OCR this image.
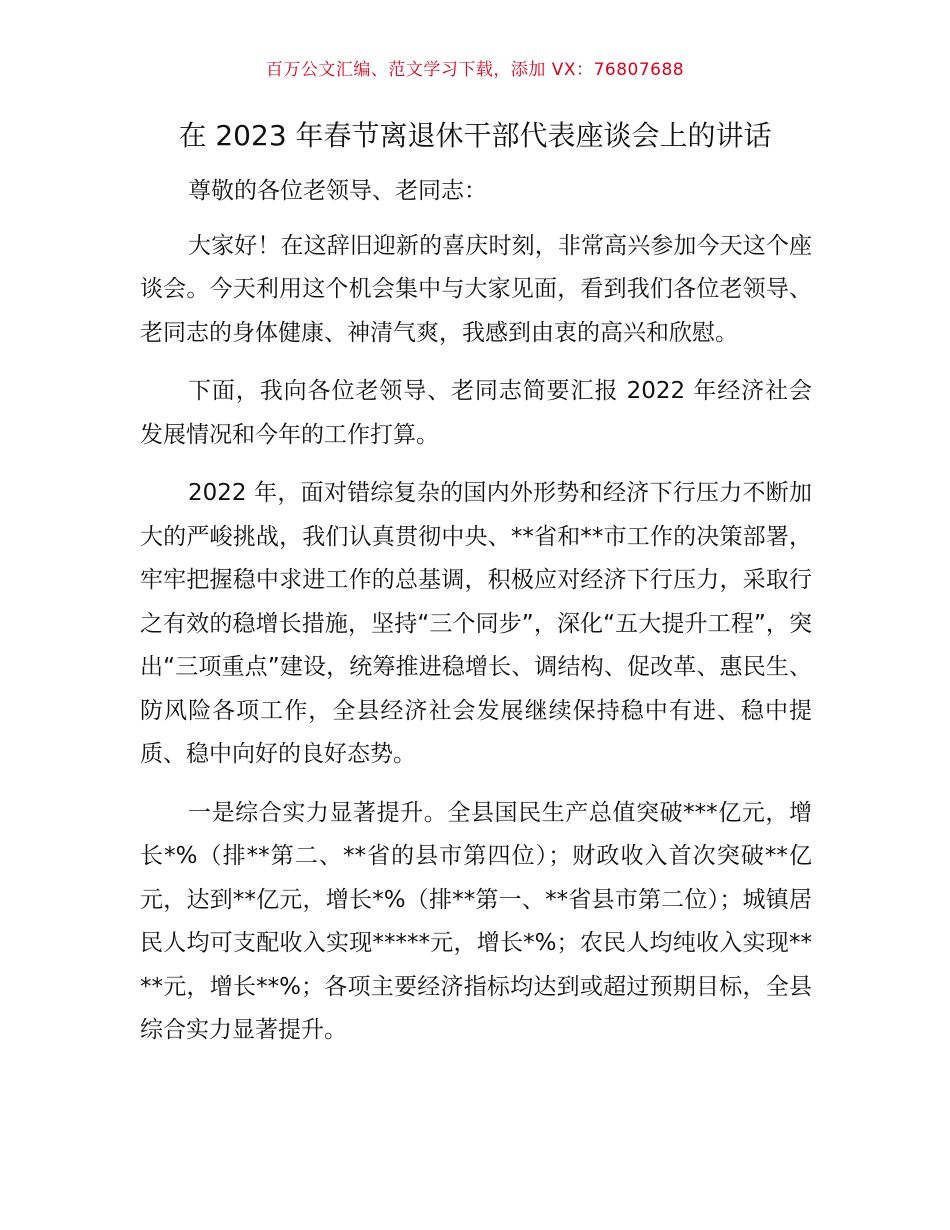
百万公文汇编、范文学习下载，添加 VX：76807688
在 2023 年春节离退休干部代表座谈会上的讲话

尊敬的各位老领导、老同志：

大家好！在这辞旧迎新的喜庆时刻，非常高兴参加今天这个座谈会。今天利用这个机会集中与大家见面，看到我们各位老领导、老同志的身体健康、神清气爽，我感到由衷的高兴和欣慰。

下面，我向各位老领导、老同志简要汇报 2022 年经济社会发展情况和今年的工作打算。

2022 年，面对错综复杂的国内外形势和经济下行压力不断加大的严峻挑战，我们认真贯彻中央、**省和**市工作的决策部署，牢牢把握稳中求进工作的总基调，积极应对经济下行压力，采取行之有效的稳增长措施，坚持“三个同步”，深化“五大提升工程”，突出“三项重点”建设，统筹推进稳增长、调结构、促改革、惠民生、防风险各项工作，全县经济社会发展继续保持稳中有进、稳中提质、稳中向好的良好态势。

一是综合实力显著提升。全县国民生产总值突破***亿元，增长*%（排**第二、**省的县市第四位）；财政收入首次突破**亿元，达到**亿元，增长*%（排**第一、**省县市第二位）；城镇居民人均可支配收入实现*****元，增长*%；农民人均纯收入实现****元，增长**%；各项主要经济指标均达到或超过预期目标，全县综合实力显著提升。
